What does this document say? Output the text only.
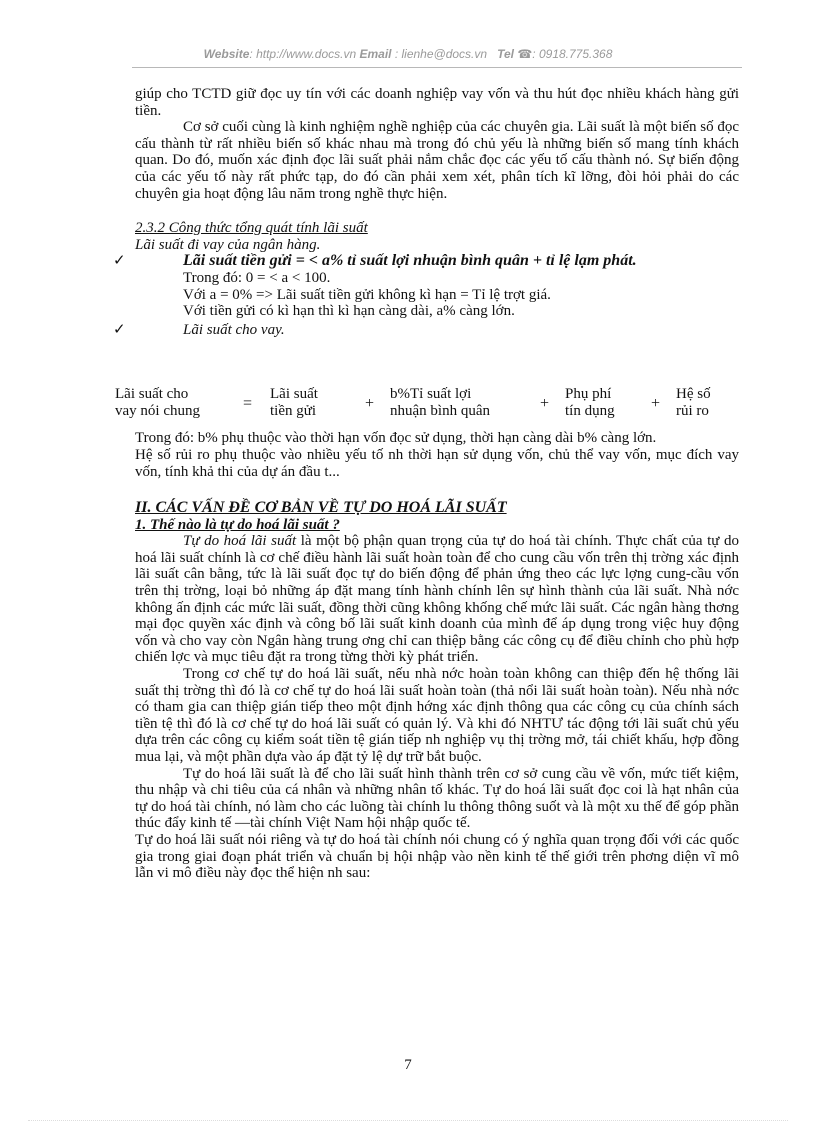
Website: http://www.docs.vn Email : lienhe@docs.vn Tel ☎: 0918.775.368

giúp cho TCTD giữ đọc uy tín với các doanh nghiệp vay vốn và thu hút đọc nhiều khách hàng gửi tiền.

Cơ sở cuối cùng là kinh nghiệm nghề nghiệp của các chuyên gia. Lãi suất là một biến số đọc cấu thành từ rất nhiều biến số khác nhau mà trong đó chủ yếu là những biến số mang tính khách quan. Do đó, muốn xác định đọc lãi suất phải nắm chắc đọc các yếu tố cấu thành nó. Sự biến động của các yếu tố này rất phức tạp, do đó cần phải xem xét, phân tích kĩ lỡng, đòi hỏi phải do các chuyên gia hoạt động lâu năm trong nghề thực hiện.

2.3.2 Công thức tổng quát tính lãi suất

Lãi suất đi vay của ngân hàng.

✓	Lãi suất tiền gửi = < a% tỉ suất lợi nhuận bình quân + tỉ lệ lạm phát.

Trong đó: 0 = < a < 100.

Với a = 0% => Lãi suất tiền gửi không kì hạn = Tỉ lệ trợt giá.

Với tiền gửi có kì hạn thì kì hạn càng dài, a% càng lớn.

✓	Lãi suất cho vay.

Trong đó: b% phụ thuộc vào thời hạn vốn đọc sử dụng, thời hạn càng dài b% càng lớn.

Hệ số rủi ro phụ thuộc vào nhiều yếu tố nh thời hạn sử dụng vốn, chủ thể vay vốn, mục đích vay vốn, tính khả thi của dự án đầu t...

II. CÁC VẤN ĐỀ CƠ BẢN VỀ TỰ DO HOÁ LÃI SUẤT

1. Thế nào là tự do hoá lãi suất ?

Tự do hoá lãi suất là một bộ phận quan trọng của tự do hoá tài chính. Thực chất của tự do hoá lãi suất chính là cơ chế điều hành lãi suất hoàn toàn để cho cung cầu vốn trên thị trờng xác định lãi suất cân bằng, tức là lãi suất đọc tự do biến động để phản ứng theo các lực lợng cung-cầu vốn trên thị trờng, loại bỏ những áp đặt mang tính hành chính lên sự hình thành của lãi suất. Nhà nớc không ấn định các mức lãi suất, đồng thời cũng không khống chế mức lãi suất. Các ngân hàng thơng mại đọc quyền xác định và công bố lãi suất kinh doanh của mình để áp dụng trong việc huy động vốn và cho vay còn Ngân hàng trung ơng chỉ can thiệp bằng các công cụ để điều chỉnh cho phù hợp chiến lợc và mục tiêu đặt ra trong từng thời kỳ phát triển.

Trong cơ chế tự do hoá lãi suất, nếu nhà nớc hoàn toàn không can thiệp đến hệ thống lãi suất thị trờng thì đó là cơ chế tự do hoá lãi suất hoàn toàn (thả nổi lãi suất hoàn toàn). Nếu nhà nớc có tham gia can thiệp gián tiếp theo một định hớng xác định thông qua các công cụ của chính sách tiền tệ thì đó là cơ chế tự do hoá lãi suất có quản lý. Và khi đó NHTƯ tác động tới lãi suất chủ yếu dựa trên các công cụ kiểm soát tiền tệ gián tiếp nh nghiệp vụ thị trờng mở, tái chiết khấu, hợp đồng mua lại, và một phần dựa vào áp đặt tỷ lệ dự trữ bắt buộc.

Tự do hoá lãi suất là để cho lãi suất hình thành trên cơ sở cung cầu về vốn, mức tiết kiệm, thu nhập và chi tiêu của cá nhân và những nhân tố khác. Tự do hoá lãi suất đọc coi là hạt nhân của tự do hoá tài chính, nó làm cho các luồng tài chính lu thông thông suốt và là một xu thế để góp phần thúc đẩy kinh tế —tài chính Việt Nam hội nhập quốc tế.

Tự do hoá lãi suất nói riêng và tự do hoá tài chính nói chung có ý nghĩa quan trọng đối với các quốc gia trong giai đoạn phát triển và chuẩn bị hội nhập vào nền kinh tế thế giới trên phơng diện vĩ mô lẫn vi mô điều này đọc thể hiện nh sau:

Lãi suất cho
vay nói chung	=
Lãi suất
tiền gửi	+
b%Tỉ suất lợi
nhuận bình quân	+
Phụ phí
tín dụng +
Hệ số
rủi ro
7
